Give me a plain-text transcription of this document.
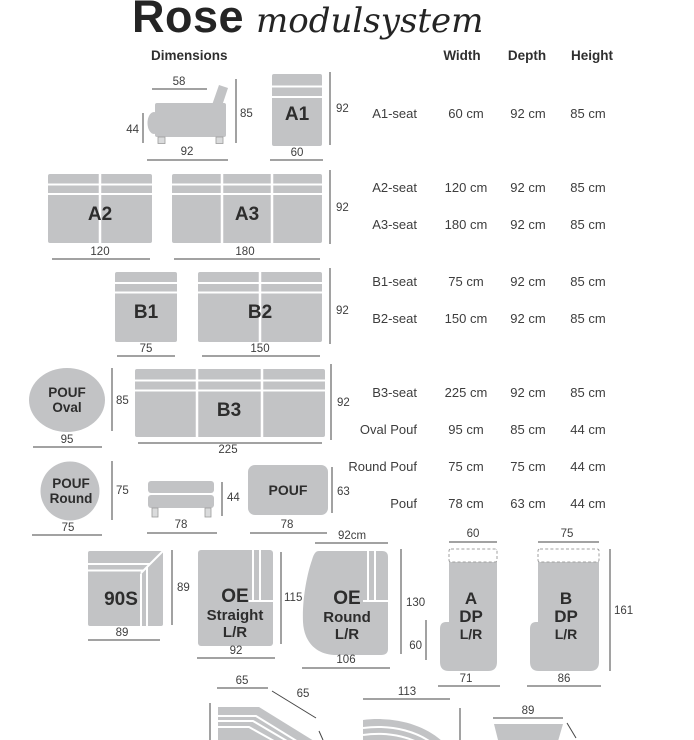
Rose modulsystem
Dimensions	Width	Depth	Height
A1-seat	60 cm	92 cm	85 cm
A2-seat	120 cm	92 cm	85 cm
A3-seat	180 cm	92 cm	85 cm
B1-seat	75 cm	92 cm	85 cm
B2-seat	150 cm	92 cm	85 cm
B3-seat	225 cm	92 cm	85 cm
Oval Pouf	95 cm	85 cm	44 cm
Round Pouf	75 cm	75 cm	44 cm
Pouf	78 cm	63 cm	44 cm
58
44
85
92
A1 92
60
A2
120
A3
180
92
B1
75
B2
150
92
POUF
Oval	85
95
B3
225
92
POUF
Round 75
75
44
78
POUF
78
63
90S
89
89
OE
Straight
L/R
92
115
92cm
OE
Round
L/R
130
106
60
60
A
DP
L/R
71
75
B
DP
L/R
161
86
65
65	113
89
